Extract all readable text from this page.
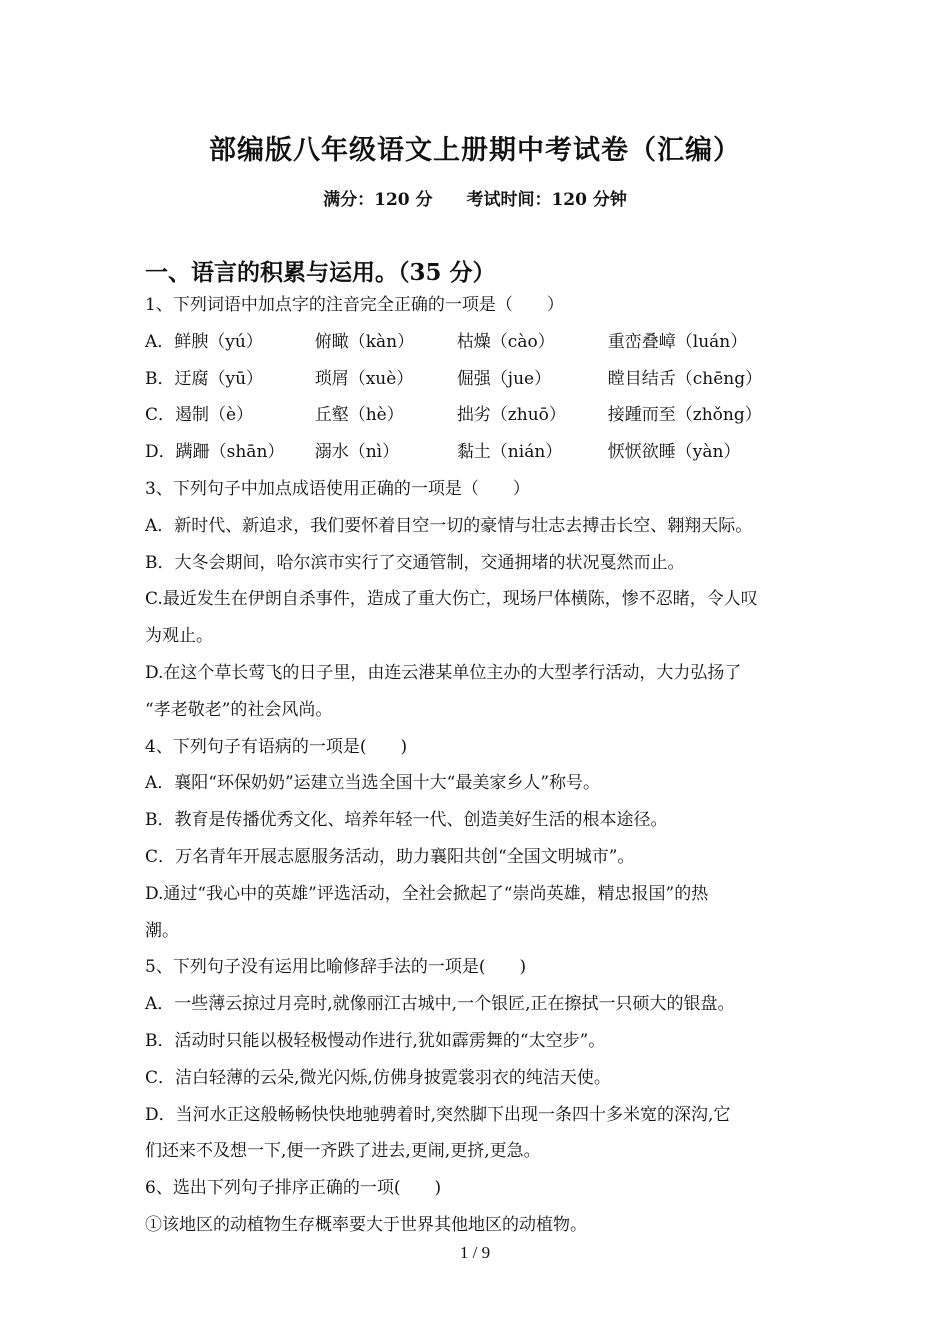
部编版八年级语文上册期中考试卷（汇编）
满分：120 分 考试时间：120 分钟
一、语言的积累与运用。（35 分）
1、下列词语中加点字的注音完全正确的一项是（　　）
A．鲜腴（yú）	俯瞰（kàn）	枯燥（cào）	重峦叠嶂（luán）
B．迂腐（yū）	琐屑（xuè）	倔强（jue）	瞠目结舌（chēng）
C．遏制（è）	丘壑（hè）	拙劣（zhuō）	接踵而至（zhǒng）
D．蹒跚（shān）	溺水（nì）	黏土（nián）	恹恹欲睡（yàn）
3、下列句子中加点成语使用正确的一项是（　　）
A．新时代、新追求，我们要怀着目空一切的豪情与壮志去搏击长空、翱翔天际。
B．大冬会期间，哈尔滨市实行了交通管制，交通拥堵的状况戛然而止。
C.最近发生在伊朗自杀事件，造成了重大伤亡，现场尸体横陈，惨不忍睹，令人叹
为观止。
D.在这个草长莺飞的日子里，由连云港某单位主办的大型孝行活动，大力弘扬了
“孝老敬老”的社会风尚。
4、下列句子有语病的一项是(　　)
A．襄阳“环保奶奶”运建立当选全国十大“最美家乡人”称号。
B．教育是传播优秀文化、培养年轻一代、创造美好生活的根本途径。
C．万名青年开展志愿服务活动，助力襄阳共创“全国文明城市”。
D.通过“我心中的英雄”评选活动，全社会掀起了“崇尚英雄，精忠报国”的热
潮。
5、下列句子没有运用比喻修辞手法的一项是(　　)
A．一些薄云掠过月亮时,就像丽江古城中,一个银匠,正在擦拭一只硕大的银盘。
B．活动时只能以极轻极慢动作进行,犹如霹雳舞的“太空步”。
C．洁白轻薄的云朵,微光闪烁,仿佛身披霓裳羽衣的纯洁天使。
D．当河水正这般畅畅快快地驰骋着时,突然脚下出现一条四十多米宽的深沟,它
们还来不及想一下,便一齐跌了进去,更闹,更挤,更急。
6、选出下列句子排序正确的一项(　　)
①该地区的动植物生存概率要大于世界其他地区的动植物。
1 / 9
